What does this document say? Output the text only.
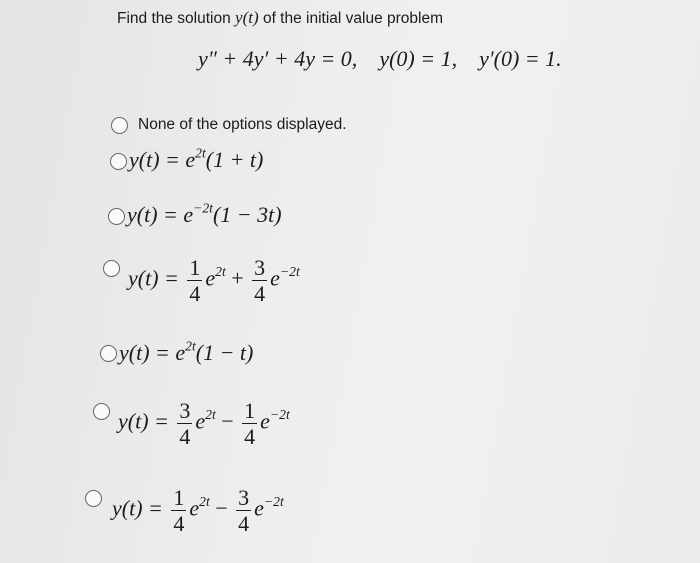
Find the solution y(t) of the initial value problem
y″ + 4y′ + 4y = 0, y(0) = 1, y′(0) = 1.
None of the options displayed.
$y(t) = e^{2t}(1 + t)$
$y(t) = e^{-2t}(1 - 3t)$
$y(t) = \frac{1}{4} e^{2t} + \frac{3}{4} e^{-2t}$
$y(t) = e^{2t}(1 - t)$
$y(t) = \frac{3}{4} e^{2t} - \frac{1}{4} e^{-2t}$
$y(t) = \frac{1}{4} e^{2t} - \frac{3}{4} e^{-2t}$
